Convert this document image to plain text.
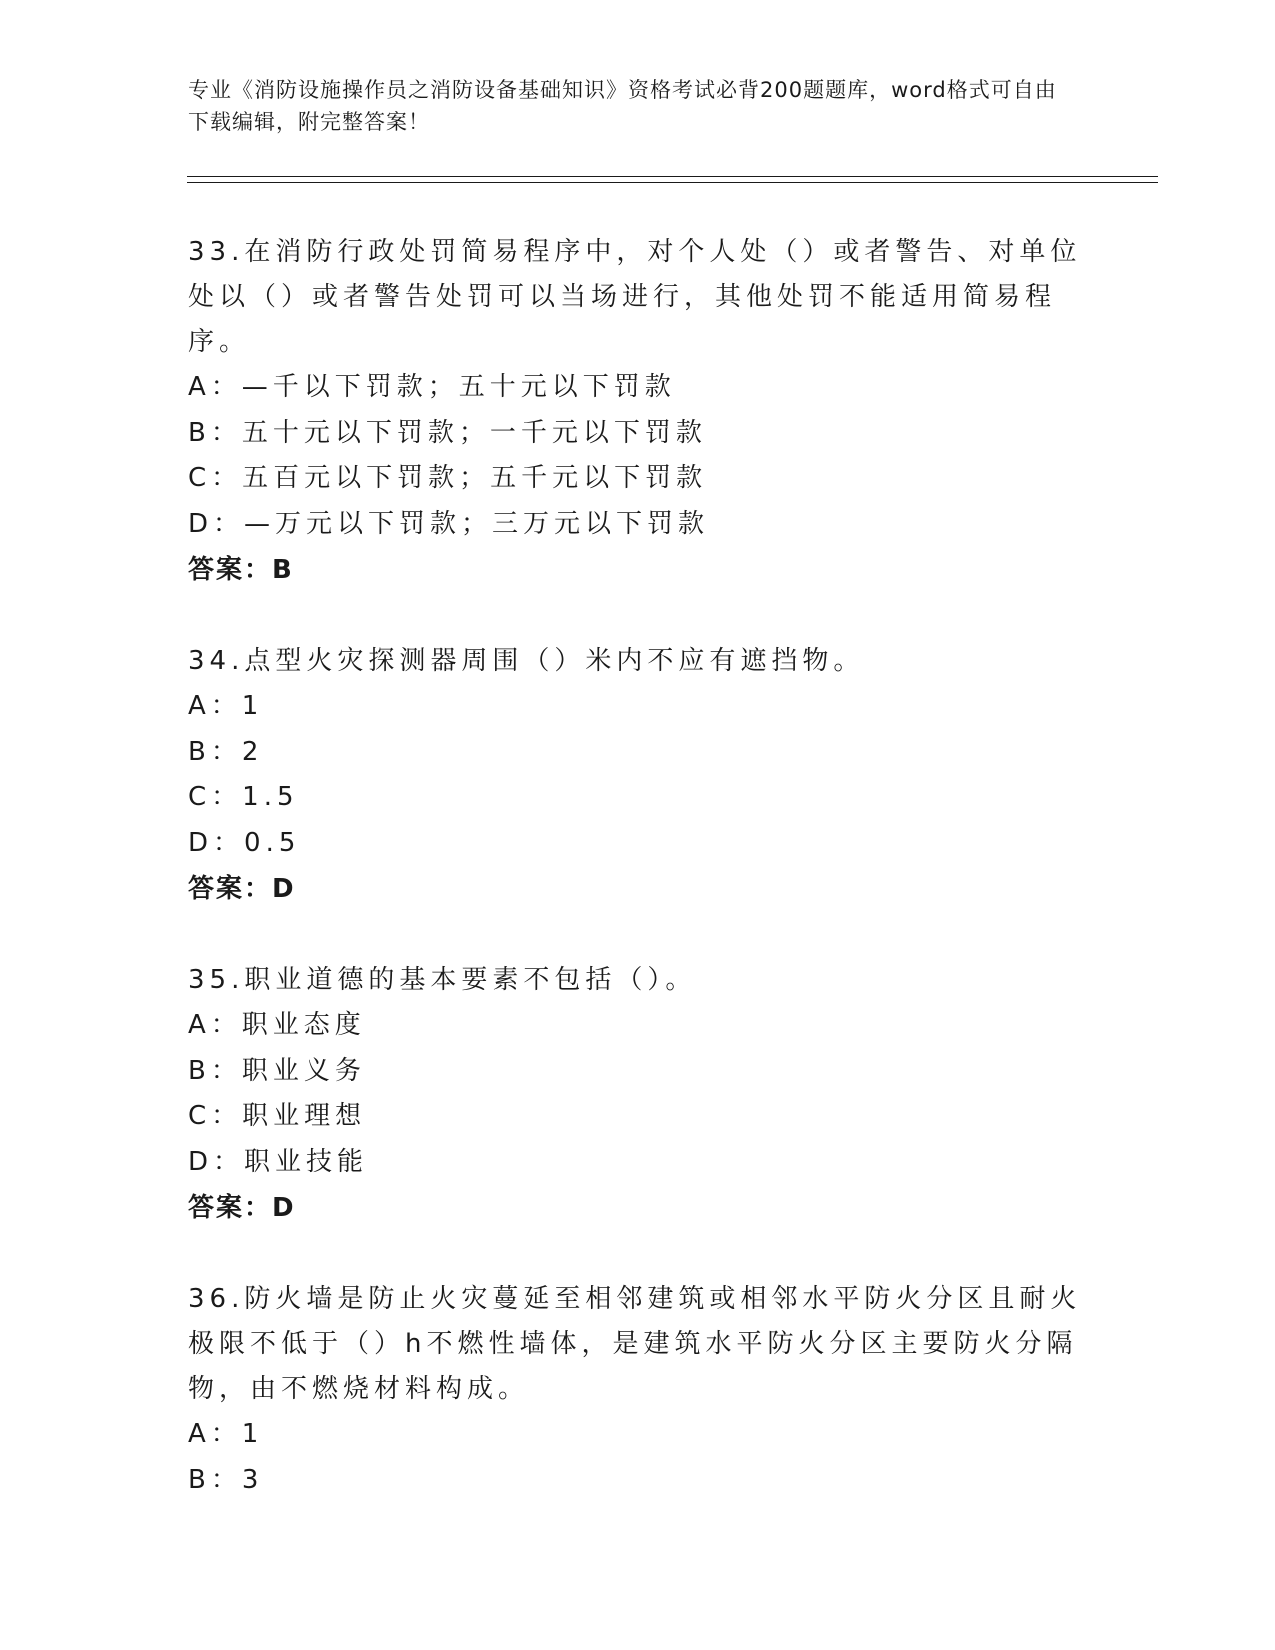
专业《消防设施操作员之消防设备基础知识》资格考试必背200题题库，word格式可自由下载编辑，附完整答案！
33.在消防行政处罚简易程序中，对个人处（）或者警告、对单位处以（）或者警告处罚可以当场进行，其他处罚不能适用简易程序。
A：—千以下罚款；五十元以下罚款
B：五十元以下罚款；一千元以下罚款
C：五百元以下罚款；五千元以下罚款
D：—万元以下罚款；三万元以下罚款
答案：B
34.点型火灾探测器周围（）米内不应有遮挡物。
A：1
B：2
C：1.5
D：0.5
答案：D
35.职业道德的基本要素不包括（）。
A：职业态度
B：职业义务
C：职业理想
D：职业技能
答案：D
36.防火墙是防止火灾蔓延至相邻建筑或相邻水平防火分区且耐火极限不低于（）h不燃性墙体，是建筑水平防火分区主要防火分隔物，由不燃烧材料构成。
A：1
B：3
